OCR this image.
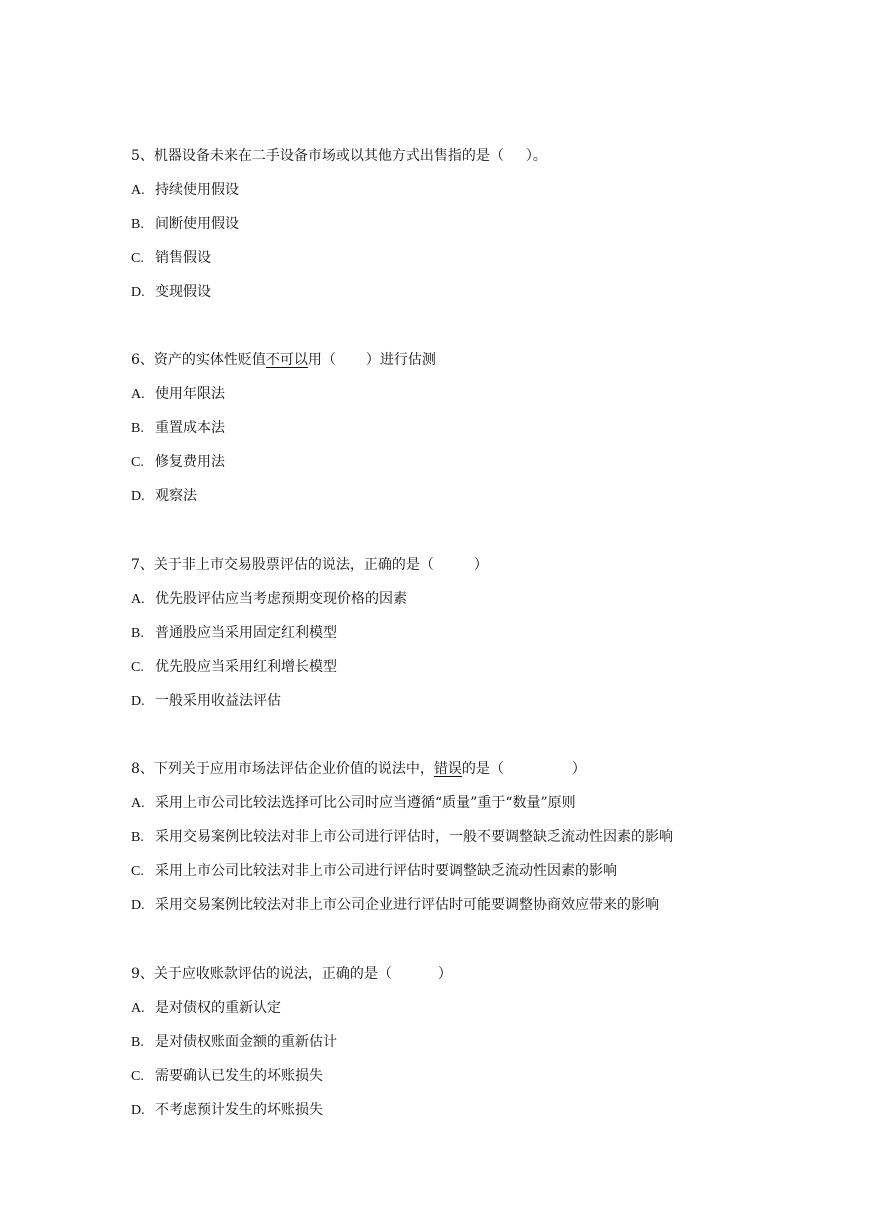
5、机器设备未来在二手设备市场或以其他方式出售指的是（ ）。
A. 持续使用假设
B. 间断使用假设
C. 销售假设
D. 变现假设
6、资产的实体性贬值不可以用（ ）进行估测
A. 使用年限法
B. 重置成本法
C. 修复费用法
D. 观察法
7、关于非上市交易股票评估的说法，正确的是（	）
A. 优先股评估应当考虑预期变现价格的因素
B. 普通股应当采用固定红利模型
C. 优先股应当采用红利增长模型
D. 一般采用收益法评估
8、下列关于应用市场法评估企业价值的说法中，错误的是（	）
A. 采用上市公司比较法选择可比公司时应当遵循“质量”重于“数量”原则
B. 采用交易案例比较法对非上市公司进行评估时，一般不要调整缺乏流动性因素的影响
C. 采用上市公司比较法对非上市公司进行评估时要调整缺乏流动性因素的影响
D. 采用交易案例比较法对非上市公司企业进行评估时可能要调整协商效应带来的影响
9、关于应收账款评估的说法，正确的是（	）
A. 是对债权的重新认定
B. 是对债权账面金额的重新估计
C. 需要确认已发生的坏账损失
D. 不考虑预计发生的坏账损失
